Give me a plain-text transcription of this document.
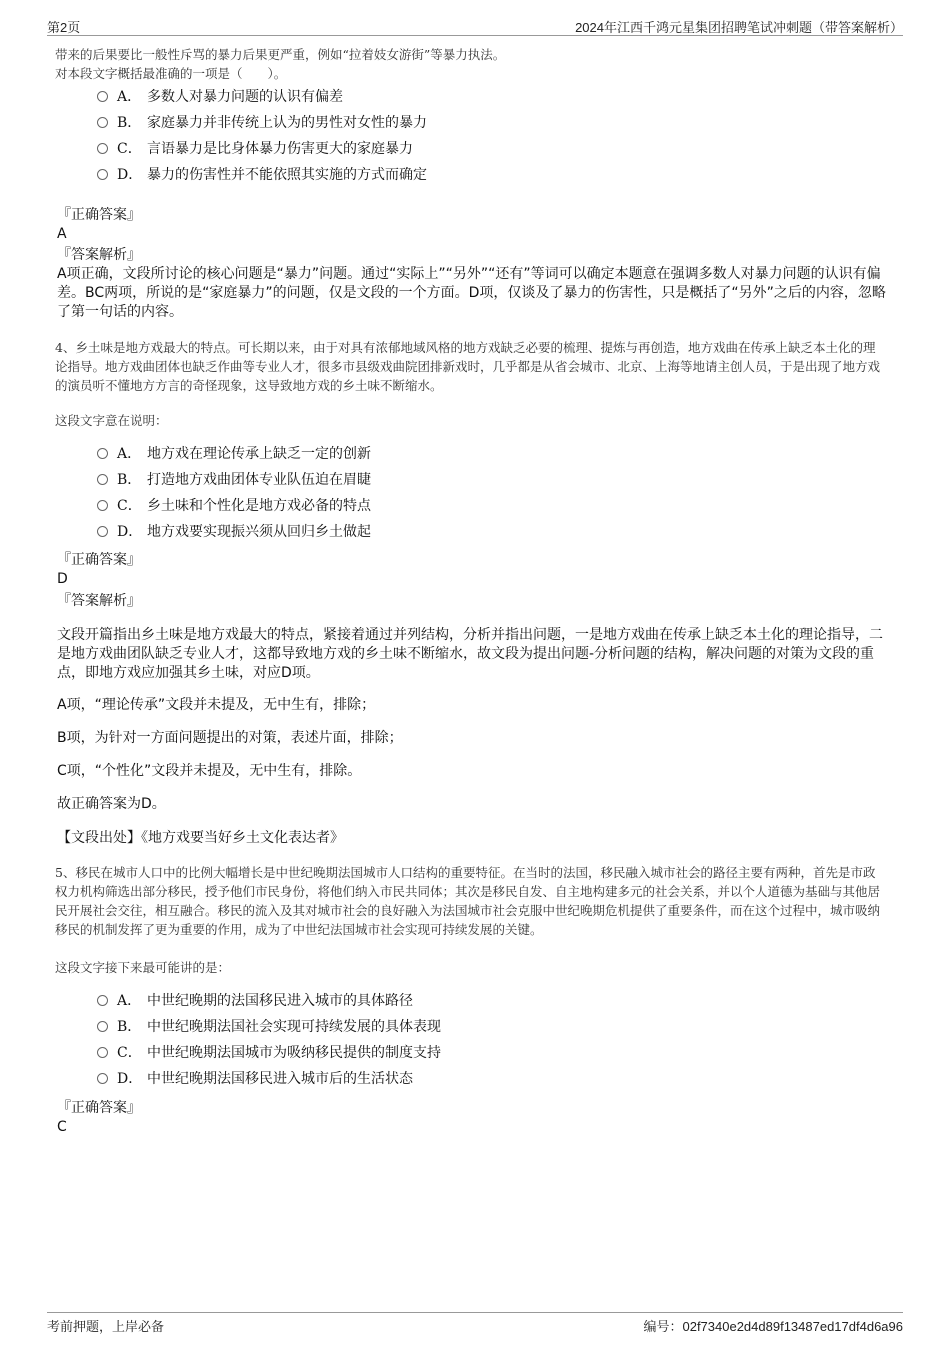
第2页	2024年江西千鸿元星集团招聘笔试冲刺题（带答案解析）
带来的后果要比一般性斥骂的暴力后果更严重，例如“拉着妓女游街”等暴力执法。
对本段文字概括最准确的一项是（　　）。
A． 多数人对暴力问题的认识有偏差
B． 家庭暴力并非传统上认为的男性对女性的暴力
C． 言语暴力是比身体暴力伤害更大的家庭暴力
D． 暴力的伤害性并不能依照其实施的方式而确定
『正确答案』
A
『答案解析』
A项正确，文段所讨论的核心问题是“暴力”问题。通过“实际上”“另外”“还有”等词可以确定本题意在强调多数人对暴力问题的认识有偏差。BC两项，所说的是“家庭暴力”的问题，仅是文段的一个方面。D项，仅谈及了暴力的伤害性，只是概括了“另外”之后的内容，忽略了第一句话的内容。
4、乡土味是地方戏最大的特点。可长期以来，由于对具有浓郁地域风格的地方戏缺乏必要的梳理、提炼与再创造，地方戏曲在传承上缺乏本土化的理论指导。地方戏曲团体也缺乏作曲等专业人才，很多市县级戏曲院团排新戏时，几乎都是从省会城市、北京、上海等地请主创人员，于是出现了地方戏的演员听不懂地方方言的奇怪现象，这导致地方戏的乡土味不断缩水。
这段文字意在说明：
A． 地方戏在理论传承上缺乏一定的创新
B． 打造地方戏曲团体专业队伍迫在眉睫
C． 乡土味和个性化是地方戏必备的特点
D． 地方戏要实现振兴须从回归乡土做起
『正确答案』
D
『答案解析』
文段开篇指出乡土味是地方戏最大的特点，紧接着通过并列结构，分析并指出问题，一是地方戏曲在传承上缺乏本土化的理论指导，二是地方戏曲团队缺乏专业人才，这都导致地方戏的乡土味不断缩水，故文段为提出问题-分析问题的结构，解决问题的对策为文段的重点，即地方戏应加强其乡土味，对应D项。
A项，“理论传承”文段并未提及，无中生有，排除；
B项，为针对一方面问题提出的对策，表述片面，排除；
C项，“个性化”文段并未提及，无中生有，排除。
故正确答案为D。
【文段出处】《地方戏要当好乡土文化表达者》
5、移民在城市人口中的比例大幅增长是中世纪晚期法国城市人口结构的重要特征。在当时的法国，移民融入城市社会的路径主要有两种，首先是市政权力机构筛选出部分移民，授予他们市民身份，将他们纳入市民共同体；其次是移民自发、自主地构建多元的社会关系，并以个人道德为基础与其他居民开展社会交往，相互融合。移民的流入及其对城市社会的良好融入为法国城市社会克服中世纪晚期危机提供了重要条件，而在这个过程中，城市吸纳移民的机制发挥了更为重要的作用，成为了中世纪法国城市社会实现可持续发展的关键。
这段文字接下来最可能讲的是：
A． 中世纪晚期的法国移民进入城市的具体路径
B． 中世纪晚期法国社会实现可持续发展的具体表现
C． 中世纪晚期法国城市为吸纳移民提供的制度支持
D． 中世纪晚期法国移民进入城市后的生活状态
『正确答案』
C
考前押题，上岸必备	编号：02f7340e2d4d89f13487ed17df4d6a96
